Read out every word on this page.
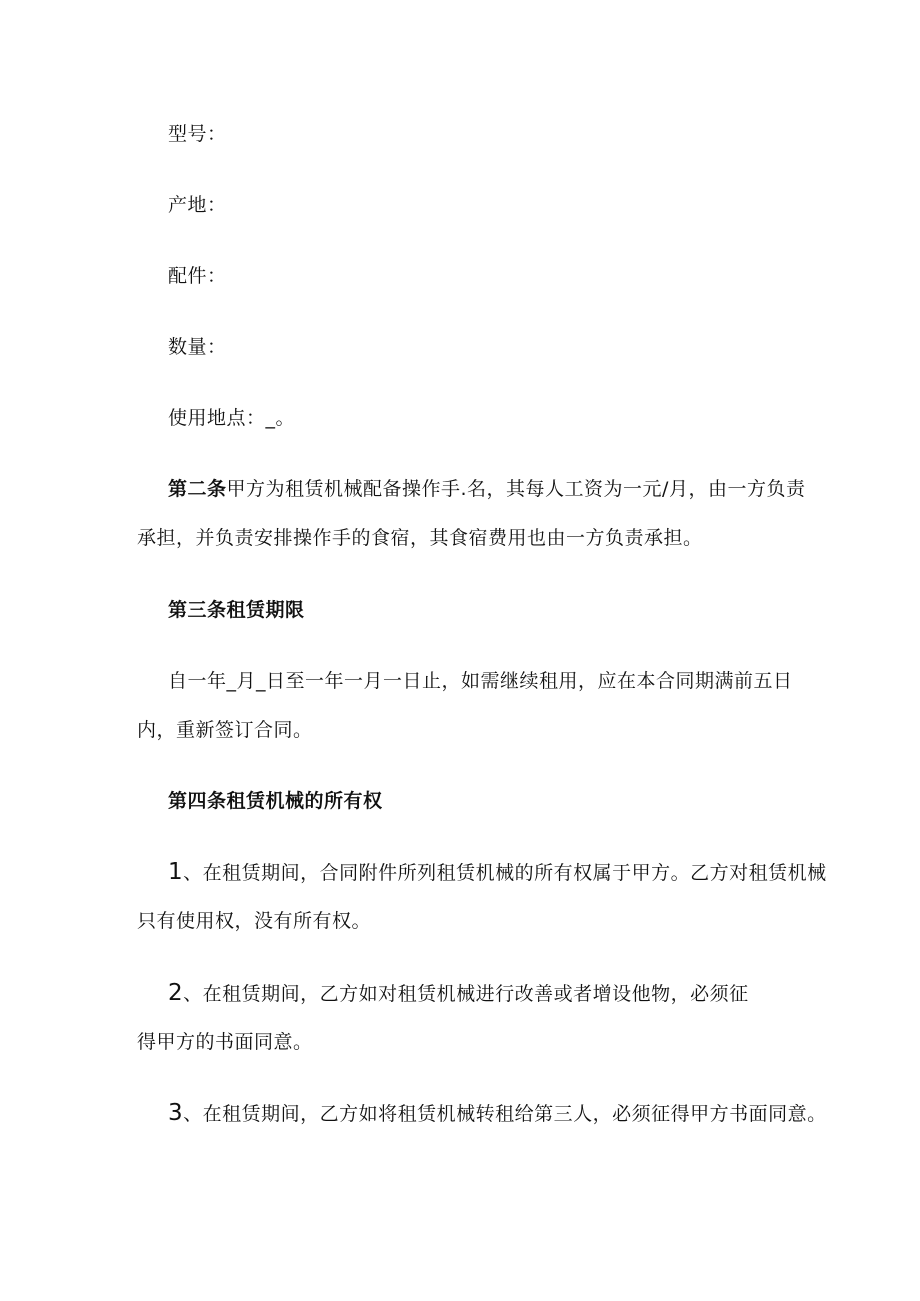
型号：
产地：
配件：
数量：
使用地点：_。
第二条甲方为租赁机械配备操作手.名，其每人工资为一元/月，由一方负责
承担，并负责安排操作手的食宿，其食宿费用也由一方负责承担。
第三条租赁期限
自一年_月_日至一年一月一日止，如需继续租用，应在本合同期满前五日
内，重新签订合同。
第四条租赁机械的所有权
1、在租赁期间，合同附件所列租赁机械的所有权属于甲方。乙方对租赁机械
只有使用权，没有所有权。
2、在租赁期间，乙方如对租赁机械进行改善或者增设他物，必须征
得甲方的书面同意。
3、在租赁期间，乙方如将租赁机械转租给第三人，必须征得甲方书面同意。
